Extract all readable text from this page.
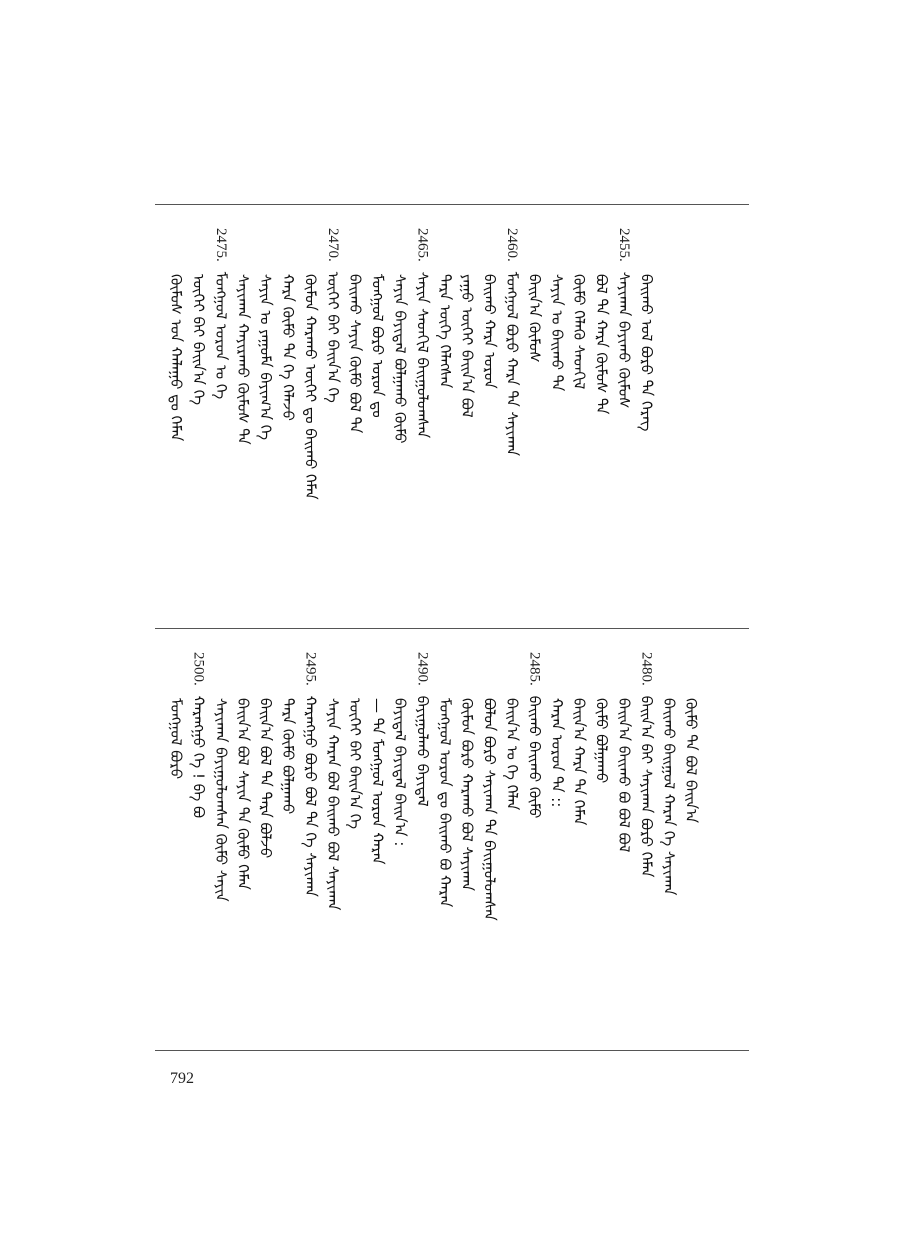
ᠬᠦᠮᠦᠰ ᠤᠨ ᠬᠠᠯᠠᠭᠤ ᠳᠤ ᠬᠡᠮᠡᠨ ᠦᠭᠡᠢ ᠪᠡᠢ ᠪᠠᠢᠨ᠎ᠠ ᠭᠡ
2475.ᠮᠣᠩᠭᠣᠯ ᠣᠷᠣᠨ ᠤ ᠭᠡ ᠰᠠᠶᠢᠬᠠᠨ ᠬᠠᠶᠢᠷᠠᠬᠤ ᠬᠦᠮᠦᠰ ᠲᠡ ᠰᠠᠶᠢᠨ ᠤ ᠶᠠᠭᠤᠮᠠ ᠪᠠᠶᠢᠭ᠎ᠠ ᠭᠡ ᠬᠠᠷᠠ ᠬᠦᠮᠦ ᠲᠡ ᠭᠡ ᠬᠡᠯᠡᠵᠦ ᠬᠦᠮᠦᠨ ᠬᠠᠷᠠᠬᠤ ᠦᠭᠡᠢ ᠳᠤ ᠪᠠᠢᠬᠤ ᠬᠡᠮᠡᠨ
2470.ᠦᠭᠡᠢ ᠪᠡᠢ ᠪᠠᠢᠨ᠎ᠠ ᠭᠡ ᠪᠠᠢᠬᠤ ᠰᠠᠶᠢᠨ ᠬᠦᠮᠦ ᠪᠣᠯ ᠲᠡ ᠮᠣᠩᠭᠣᠯ ᠪᠣᠷᠣ ᠣᠷᠣᠨ ᠳᠤ ᠰᠠᠶᠢᠨ ᠪᠠᠶᠢᠳᠠᠯ ᠪᠣᠯᠭᠠᠬᠤ ᠬᠦᠮᠦ
2465.ᠰᠠᠶᠢᠨ ᠰᠡᠳᠬᠢᠯ ᠪᠠᠢᠭᠤᠯᠤᠭᠰᠠᠨ ᠲᠡᠷᠡ ᠦᠭᠡ ᠬᠡᠯᠡᠭᠰᠡᠨ ᠶᠠᠭᠤ ᠦᠭᠡᠢ ᠪᠠᠢᠨ᠎ᠠ ᠪᠣᠯ ᠪᠠᠢᠬᠤ ᠬᠠᠷᠠ ᠣᠷᠣᠨ
2460.ᠮᠣᠩᠭᠣᠯ ᠪᠣᠷᠣ ᠬᠠᠷᠠ ᠲᠡ ᠰᠠᠶᠢᠬᠠᠨ ᠪᠠᠢᠨ᠎ᠠ ᠬᠦᠮᠦᠰ ᠰᠠᠶᠢᠨ ᠤ ᠪᠠᠢᠬᠤ ᠲᠡ ᠬᠦᠮᠦ ᠬᠡᠯᠡᠬᠦ ᠰᠡᠳᠬᠢᠯ ᠪᠣᠯ ᠲᠡ ᠬᠠᠷᠠ ᠬᠦᠮᠦᠰ ᠲᠡ
2455.ᠰᠠᠶᠢᠬᠠᠨ ᠪᠠᠶᠢᠬᠤ ᠬᠦᠮᠦᠰ ᠪᠠᠢᠬᠤ ᠤᠯ ᠪᠣᠷᠣ ᠲᠡ ᠬᠡᠷᠡᠭ
ᠮᠣᠩᠭᠣᠯ ᠪᠣᠷᠣ
2500.ᠬᠠᠷᠠᠩᠭᠤ ᠭᠡ ! ᠪᠠ ᠪᠣ ᠰᠠᠶᠢᠬᠠᠨ ᠪᠠᠶᠢᠭᠤᠯᠤᠭᠰᠠᠨ ᠬᠦᠮᠦ ᠰᠠᠶᠢᠨ ᠪᠠᠢᠨ᠎ᠠ ᠪᠣᠯ ᠰᠠᠶᠢᠨ ᠲᠡ ᠬᠦᠮᠦ ᠬᠡᠮᠡᠨ ᠪᠠᠢᠨ᠎ᠠ ᠪᠣᠯ ᠲᠡ ᠲᠡᠷᠡ ᠪᠣᠯᠵᠤ ᠲᠡᠷᠡ ᠬᠦᠮᠦ ᠪᠣᠯᠭᠠᠬᠤ
2495.ᠬᠠᠷᠠᠩᠭᠤ ᠪᠣᠷᠣ ᠪᠣᠯ ᠲᠡ ᠭᠡ ᠰᠠᠶᠢᠬᠠᠨ ᠰᠠᠶᠢᠨ ᠬᠠᠷᠠᠨ ᠪᠣᠯ ᠪᠠᠢᠬᠤ ᠪᠣᠯ ᠰᠠᠶᠢᠬᠠᠨ ᠦᠭᠡᠢ ᠪᠡᠢ ᠪᠠᠢᠨ᠎ᠠ ᠭᠡ — ᠲᠡ ᠮᠣᠩᠭᠣᠯ ᠣᠷᠣᠨ ᠬᠠᠷᠠᠨ ᠪᠠᠶᠢᠳᠠᠯ ᠪᠠᠶᠢᠳᠠᠯ ᠪᠠᠢᠨ᠎ᠠ :
2490.ᠪᠠᠶᠢᠭᠤᠯᠬᠤ ᠪᠠᠶᠢᠳᠠᠯ ᠮᠣᠩᠭᠣᠯ ᠣᠷᠣᠨ ᠳᠤ ᠪᠠᠢᠬᠤ ᠪᠣ ᠬᠠᠷᠠᠨ ᠬᠦᠮᠦᠨ ᠪᠣᠷᠣ ᠬᠠᠷᠠᠬᠤ ᠪᠣᠯ ᠰᠠᠶᠢᠬᠠᠨ ᠪᠣᠯᠣᠨ ᠪᠣᠷᠣ ᠰᠠᠶᠢᠬᠠᠨ ᠲᠡ ᠪᠠᠢᠭᠤᠯᠤᠭᠰᠠᠨ ᠪᠠᠢᠨ᠎ᠠ ᠤ ᠭᠡ ᠬᠡᠯᠡᠨ
2485.ᠪᠠᠢᠬᠤ ᠪᠠᠢᠬᠤ ᠬᠦᠮᠦ ᠬᠠᠷᠠᠨ ᠣᠷᠣᠨ ᠲᠡ :: ᠪᠠᠢᠨ᠎ᠠ ᠬᠠᠷᠠ ᠲᠡ ᠬᠡᠮᠡᠨ ᠬᠦᠮᠦ ᠪᠣᠯᠭᠠᠬᠤ ᠪᠠᠢᠨ᠎ᠠ ᠪᠠᠢᠬᠤ ᠪᠣ ᠪᠣᠯ ᠪᠣᠯ
2480.ᠪᠠᠢᠨ᠎ᠠ ᠪᠡᠢ ᠰᠠᠶᠢᠬᠠᠨ ᠪᠣᠷᠣ ᠬᠡᠮᠡᠨ ᠪᠠᠢᠬᠤ ᠪᠠᠢᠭᠤᠯ ᠬᠠᠷᠠᠨ ᠭᠡ ᠰᠠᠶᠢᠬᠠᠨ ᠬᠦᠮᠦ ᠲᠡ ᠪᠣᠯ ᠪᠠᠢᠨ᠎ᠠ
792
